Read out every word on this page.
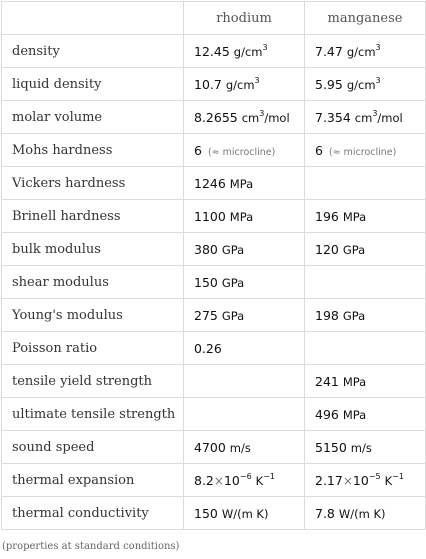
	rhodium	manganese
density	12.45 $g/cm^3$	7.47 $g/cm^3$
liquid density	10.7 $g/cm^3$	5.95 $g/cm^3$
molar volume	8.2655 $cm^3$/mol	7.354 $cm^3$/mol
Mohs hardness	6 (≈ microcline)	6 (≈ microcline)
Vickers hardness	1246 MPa	
Brinell hardness	1100 MPa	196 MPa
bulk modulus	380 GPa	120 GPa
shear modulus	150 GPa	
Young's modulus	275 GPa	198 GPa
Poisson ratio	0.26	
tensile yield strength		241 MPa
ultimate tensile strength		496 MPa
sound speed	4700 m/s	5150 m/s
thermal expansion	$8.2\times 10^{-6}$ $K^{-1}$	$2.17\times 10^{-5}$ $K^{-1}$
thermal conductivity	150 W/(m K)	7.8 W/(m K)
(properties at standard conditions)
